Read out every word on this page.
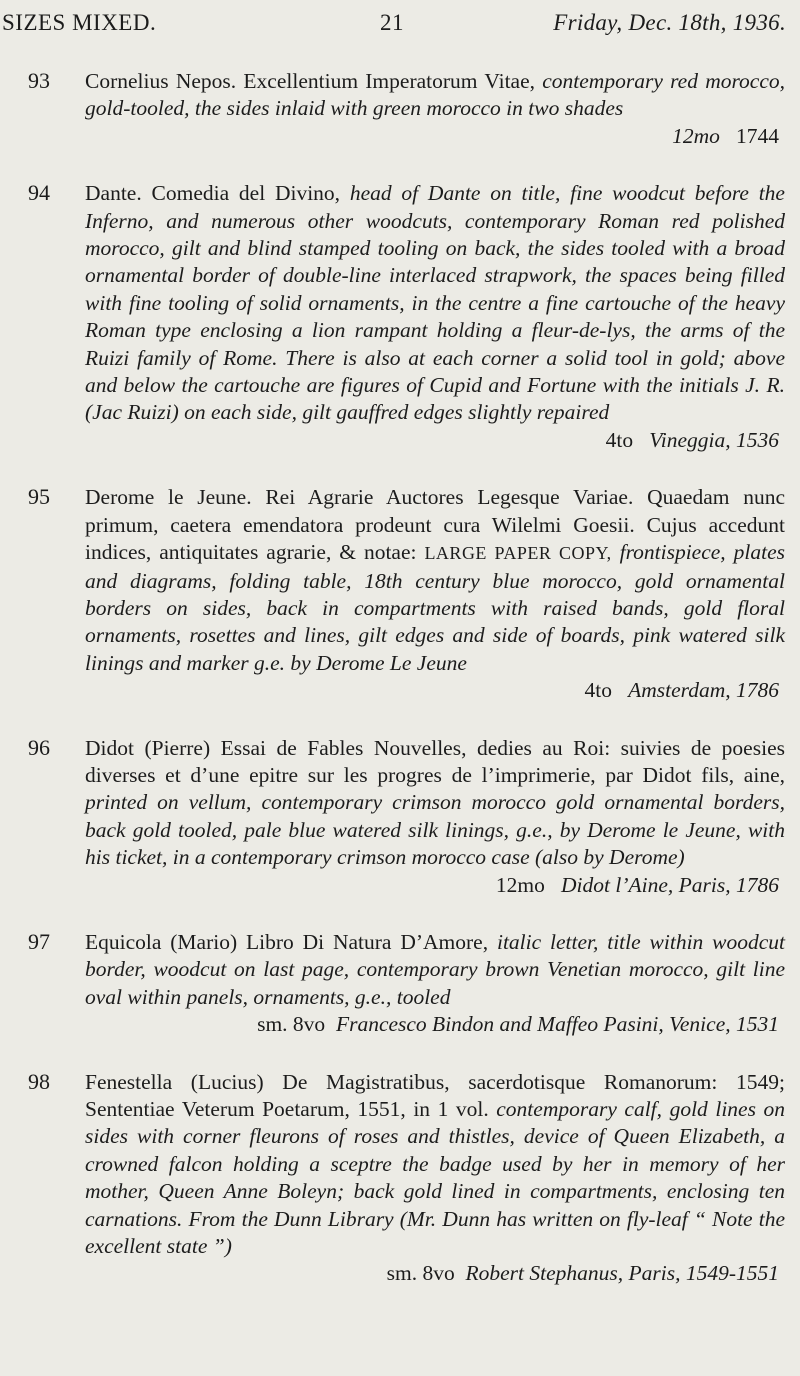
SIZES MIXED.	21	Friday, Dec. 18th, 1936.
93 Cornelius Nepos. Excellentium Imperatorum Vitae, contemporary red morocco, gold-tooled, the sides inlaid with green morocco in two shades
12mo 1744
94 Dante. Comedia del Divino, head of Dante on title, fine woodcut before the Inferno, and numerous other woodcuts, contemporary Roman red polished morocco, gilt and blind stamped tooling on back, the sides tooled with a broad ornamental border of double-line interlaced strapwork, the spaces being filled with fine tooling of solid ornaments, in the centre a fine cartouche of the heavy Roman type enclosing a lion rampant holding a fleur-de-lys, the arms of the Ruizi family of Rome. There is also at each corner a solid tool in gold; above and below the cartouche are figures of Cupid and Fortune with the initials J. R. (Jac Ruizi) on each side, gilt gauffred edges slightly repaired
4to Vineggia, 1536
95 Derome le Jeune. Rei Agrarie Auctores Legesque Variae. Quaedam nunc primum, caetera emendatora prodeunt cura Wilelmi Goesii. Cujus accedunt indices, antiquitates agrarie, & notae: LARGE PAPER COPY, frontispiece, plates and diagrams, folding table, 18th century blue morocco, gold ornamental borders on sides, back in compartments with raised bands, gold floral ornaments, rosettes and lines, gilt edges and side of boards, pink watered silk linings and marker g.e. by Derome Le Jeune
4to Amsterdam, 1786
96 Didot (Pierre) Essai de Fables Nouvelles, dedies au Roi: suivies de poesies diverses et d’une epitre sur les progres de l’imprimerie, par Didot fils, aine, printed on vellum, contemporary crimson morocco gold ornamental borders, back gold tooled, pale blue watered silk linings, g.e., by Derome le Jeune, with his ticket, in a contemporary crimson morocco case (also by Derome)
12mo Didot l’Aine, Paris, 1786
97 Equicola (Mario) Libro Di Natura D’Amore, italic letter, title within woodcut border, woodcut on last page, contemporary brown Venetian morocco, gilt line oval within panels, ornaments, g.e., tooled
sm. 8vo Francesco Bindon and Maffeo Pasini, Venice, 1531
98 Fenestella (Lucius) De Magistratibus, sacerdotisque Romanorum: 1549; Sententiae Veterum Poetarum, 1551, in 1 vol. contemporary calf, gold lines on sides with corner fleurons of roses and thistles, device of Queen Elizabeth, a crowned falcon holding a sceptre the badge used by her in memory of her mother, Queen Anne Boleyn; back gold lined in compartments, enclosing ten carnations. From the Dunn Library (Mr. Dunn has written on fly-leaf “ Note the excellent state ”)
sm. 8vo Robert Stephanus, Paris, 1549-1551
